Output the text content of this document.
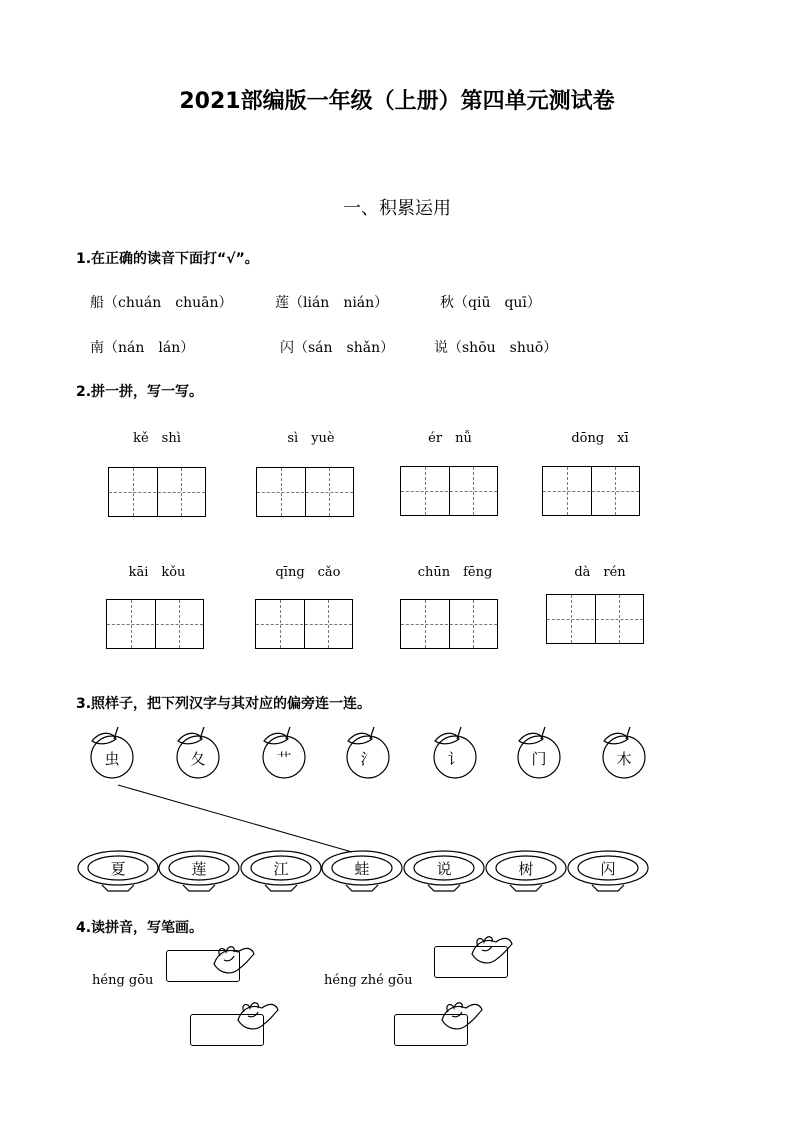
2021部编版一年级（上册）第四单元测试卷
一、积累运用
1.在正确的读音下面打“√”。
船（chuán　chuān）	莲（lián　nián）	秋（qiū　quī）
南（nán　lán）	闪（sán　shǎn）	说（shōu　shuō）
2.拼一拼，写一写。
kě　shì	sì　yuè	ér　nǚ	dōng　xī
kāi　kǒu	qīng　cǎo	chūn　fēng	dà　rén
3.照样子，把下列汉字与其对应的偏旁连一连。
虫	夂	艹	氵	讠	门	木
夏	莲	江	蛙	说	树	闪
4.读拼音，写笔画。
héng gōu	héng zhé gōu
